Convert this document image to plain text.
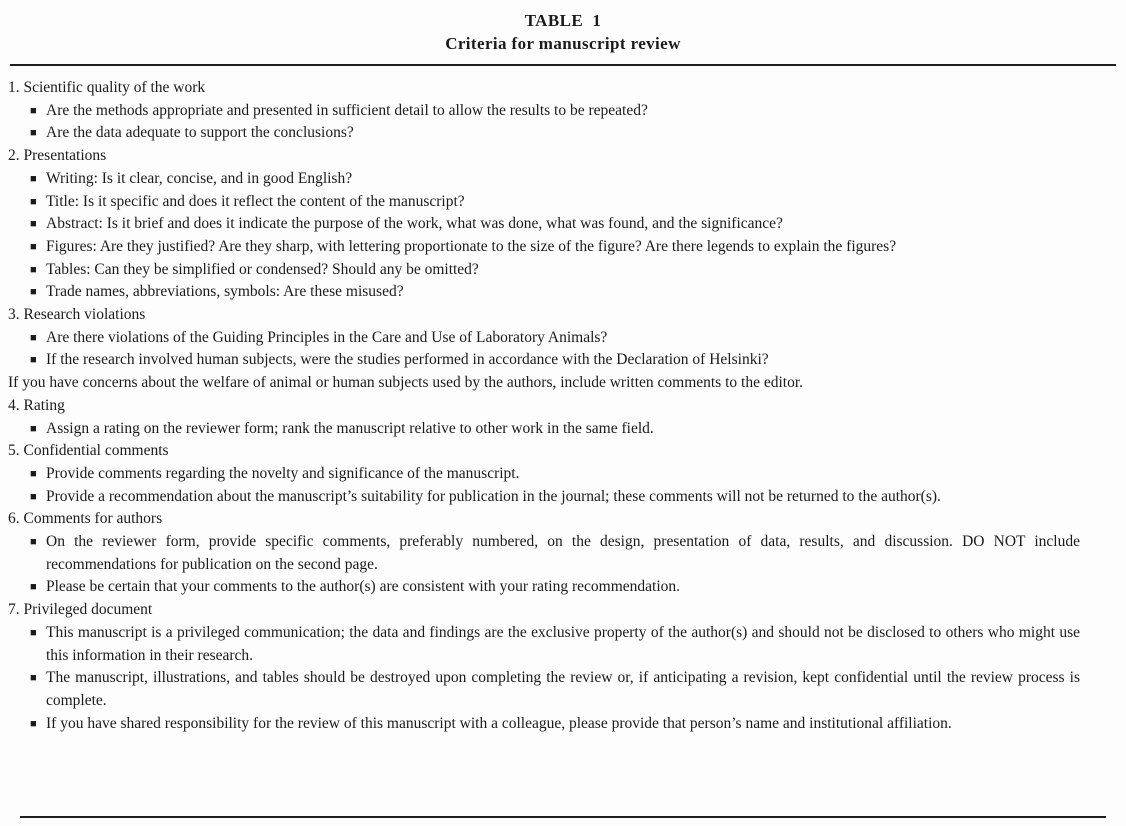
TABLE  1
Criteria for manuscript review
1. Scientific quality of the work
■ Are the methods appropriate and presented in sufficient detail to allow the results to be repeated?
■ Are the data adequate to support the conclusions?
2. Presentations
■ Writing: Is it clear, concise, and in good English?
■ Title: Is it specific and does it reflect the content of the manuscript?
■ Abstract: Is it brief and does it indicate the purpose of the work, what was done, what was found, and the significance?
■ Figures: Are they justified? Are they sharp, with lettering proportionate to the size of the figure? Are there legends to explain the figures?
■ Tables: Can they be simplified or condensed? Should any be omitted?
■ Trade names, abbreviations, symbols: Are these misused?
3. Research violations
■ Are there violations of the Guiding Principles in the Care and Use of Laboratory Animals?
■ If the research involved human subjects, were the studies performed in accordance with the Declaration of Helsinki?
If you have concerns about the welfare of animal or human subjects used by the authors, include written comments to the editor.
4. Rating
■ Assign a rating on the reviewer form; rank the manuscript relative to other work in the same field.
5. Confidential comments
■ Provide comments regarding the novelty and significance of the manuscript.
■ Provide a recommendation about the manuscript’s suitability for publication in the journal; these comments will not be returned to the author(s).
6. Comments for authors
■ On the reviewer form, provide specific comments, preferably numbered, on the design, presentation of data, results, and discussion. DO NOT include recommendations for publication on the second page.
■ Please be certain that your comments to the author(s) are consistent with your rating recommendation.
7. Privileged document
■ This manuscript is a privileged communication; the data and findings are the exclusive property of the author(s) and should not be disclosed to others who might use this information in their research.
■ The manuscript, illustrations, and tables should be destroyed upon completing the review or, if anticipating a revision, kept confidential until the review process is complete.
■ If you have shared responsibility for the review of this manuscript with a colleague, please provide that person’s name and institutional affiliation.
